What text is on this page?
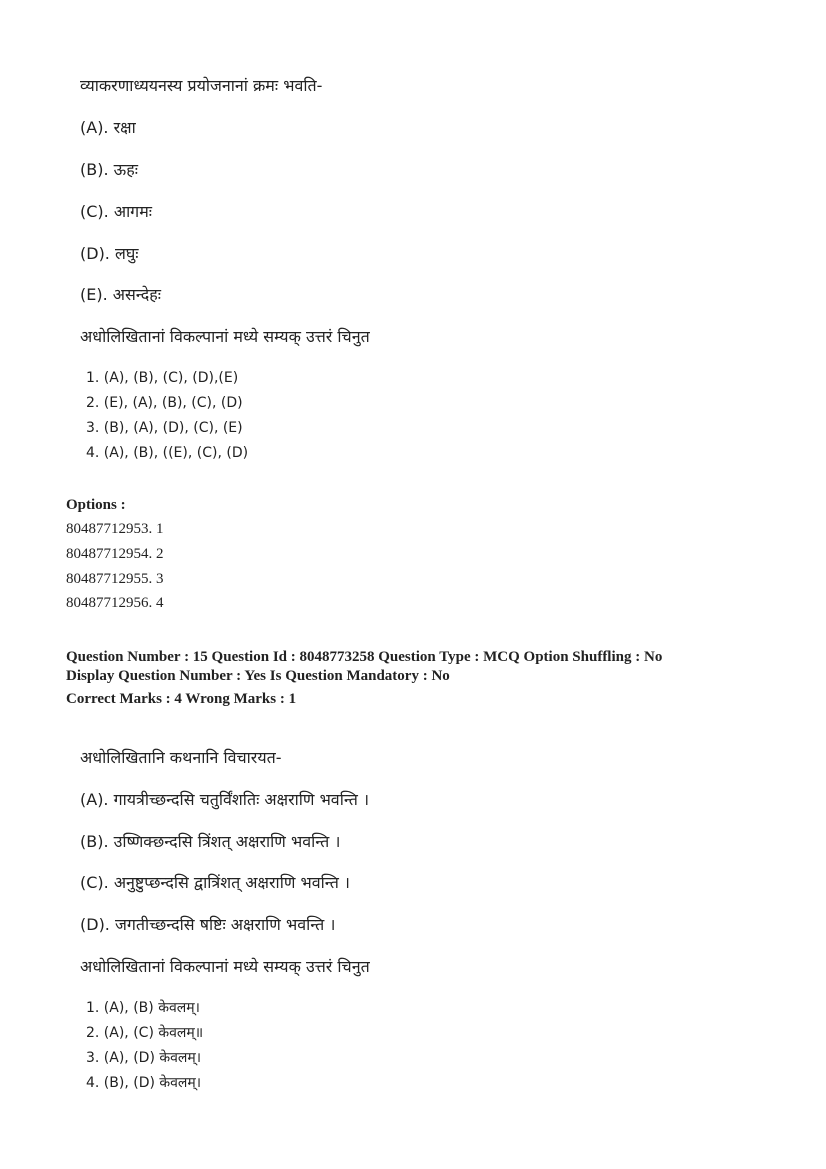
व्याकरणाध्ययनस्य प्रयोजनानां क्रमः भवति-
(A). रक्षा
(B). ऊहः
(C). आगमः
(D). लघुः
(E). असन्देहः
अधोलिखितानां विकल्पानां मध्ये सम्यक् उत्तरं चिनुत
1. (A), (B), (C), (D),(E)
2. (E), (A), (B), (C), (D)
3. (B), (A), (D), (C), (E)
4. (A), (B), ((E), (C), (D)
Options :
80487712953. 1
80487712954. 2
80487712955. 3
80487712956. 4
Question Number : 15 Question Id : 8048773258 Question Type : MCQ Option Shuffling : No
Display Question Number : Yes Is Question Mandatory : No
Correct Marks : 4 Wrong Marks : 1
अधोलिखितानि कथनानि विचारयत-
(A). गायत्रीच्छन्दसि चतुर्विंशतिः अक्षराणि भवन्ति ।
(B). उष्णिक्छन्दसि त्रिंशत् अक्षराणि भवन्ति ।
(C). अनुष्टुप्छन्दसि द्वात्रिंशत् अक्षराणि भवन्ति ।
(D). जगतीच्छन्दसि षष्टिः अक्षराणि भवन्ति ।
अधोलिखितानां विकल्पानां मध्ये सम्यक् उत्तरं चिनुत
1. (A), (B) केवलम्।
2. (A), (C) केवलम्॥
3. (A), (D) केवलम्।
4. (B), (D) केवलम्।
